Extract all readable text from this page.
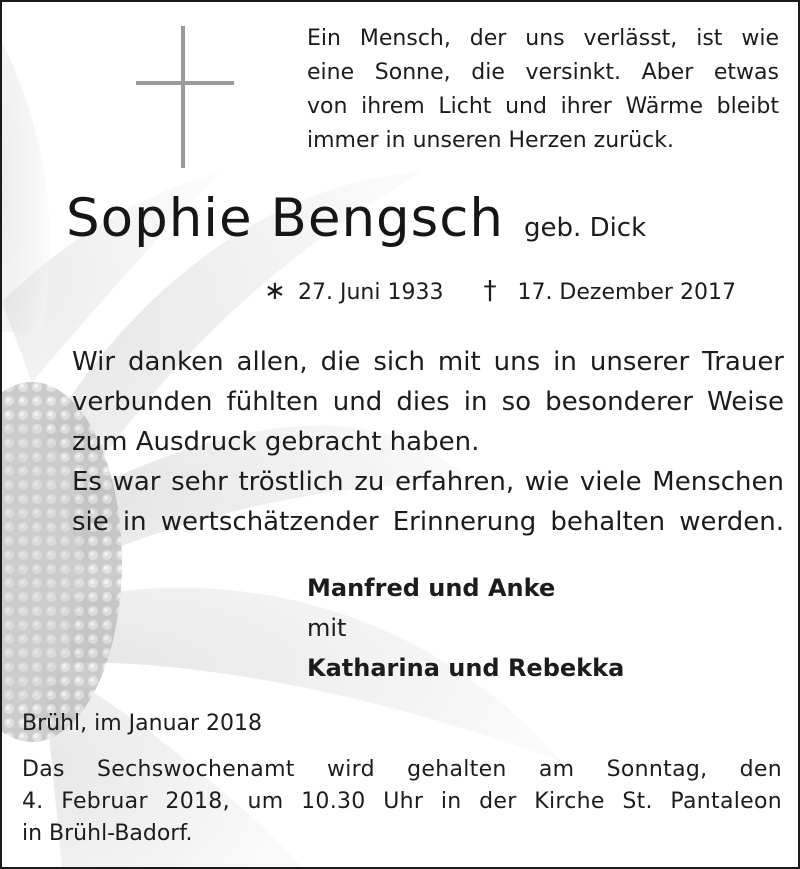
Ein Mensch, der uns verlässt, ist wie

eine Sonne, die versinkt. Aber etwas

von ihrem Licht und ihrer Wärme bleibt

immer in unseren Herzen zurück.

Sophie Bengsch geb. Dick
∗ 27. Juni 1933 † 17. Dezember 2017

Wir danken allen, die sich mit uns in unserer Trauer

verbunden fühlten und dies in so besonderer Weise

zum Ausdruck gebracht haben.

Es war sehr tröstlich zu erfahren, wie viele Menschen

sie in wertschätzender Erinnerung behalten werden.

Manfred und Anke

mit

Katharina und Rebekka

Brühl, im Januar 2018

Das Sechswochenamt wird gehalten am Sonntag, den

4. Februar 2018, um 10.30 Uhr in der Kirche St. Pantaleon

in Brühl-Badorf.
